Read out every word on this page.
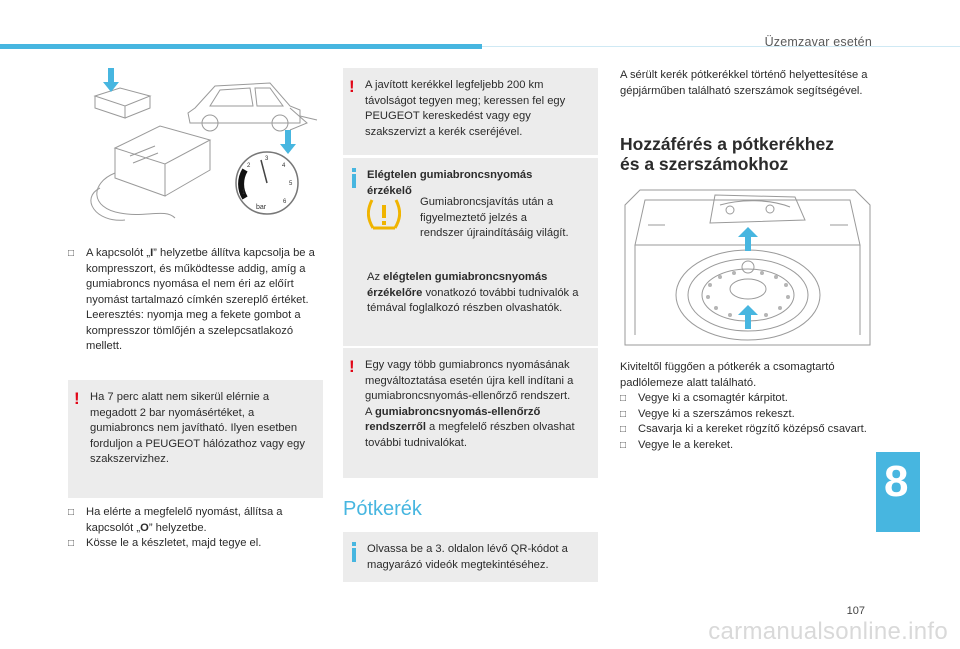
Üzemzavar esetén
bar
1
2
3
4
5
6
□ A kapcsolót „I” helyzetbe állítva kapcsolja be a kompresszort, és működtesse addig, amíg a gumiabroncs nyomása el nem éri az előírt nyomást tartalmazó címkén szereplő értéket. Leeresztés: nyomja meg a fekete gombot a kompresszor tömlőjén a szelepcsatlakozó mellett.
! Ha 7 perc alatt nem sikerül elérnie a megadott 2 bar nyomásértéket, a gumiabroncs nem javítható. Ilyen esetben forduljon a PEUGEOT hálózathoz vagy egy szakszervizhez.
□ Ha elérte a megfelelő nyomást, állítsa a kapcsolót „O” helyzetbe.
□ Kösse le a készletet, majd tegye el.
! A javított kerékkel legfeljebb 200 km távolságot tegyen meg; keressen fel egy PEUGEOT kereskedést vagy egy szakszervizt a kerék cseréjével.
Elégtelen gumiabroncsnyomás érzékelő
Gumiabroncsjavítás után a figyelmeztető jelzés a rendszer újraindításáig világít.
Az elégtelen gumiabroncsnyomás érzékelőre vonatkozó további tudnivalók a témával foglalkozó részben olvashatók.
! Egy vagy több gumiabroncs nyomásának megváltoztatása esetén újra kell indítani a gumiabroncsnyomás-ellenőrző rendszert.
A gumiabroncsnyomás-ellenőrző rendszerről a megfelelő részben olvashat további tudnivalókat.
Pótkerék
Olvassa be a 3. oldalon lévő QR-kódot a magyarázó videók megtekintéséhez.
A sérült kerék pótkerékkel történő helyettesítése a gépjárműben található szerszámok segítségével.
Hozzáférés a pótkerékhez
és a szerszámokhoz
Kiviteltől függően a pótkerék a csomagtartó padlólemeze alatt található.
□ Vegye ki a csomagtér kárpitot.
□ Vegye ki a szerszámos rekeszt.
□ Csavarja ki a kereket rögzítő középső csavart.
□ Vegye le a kereket.
8
107
carmanualsonline.info
